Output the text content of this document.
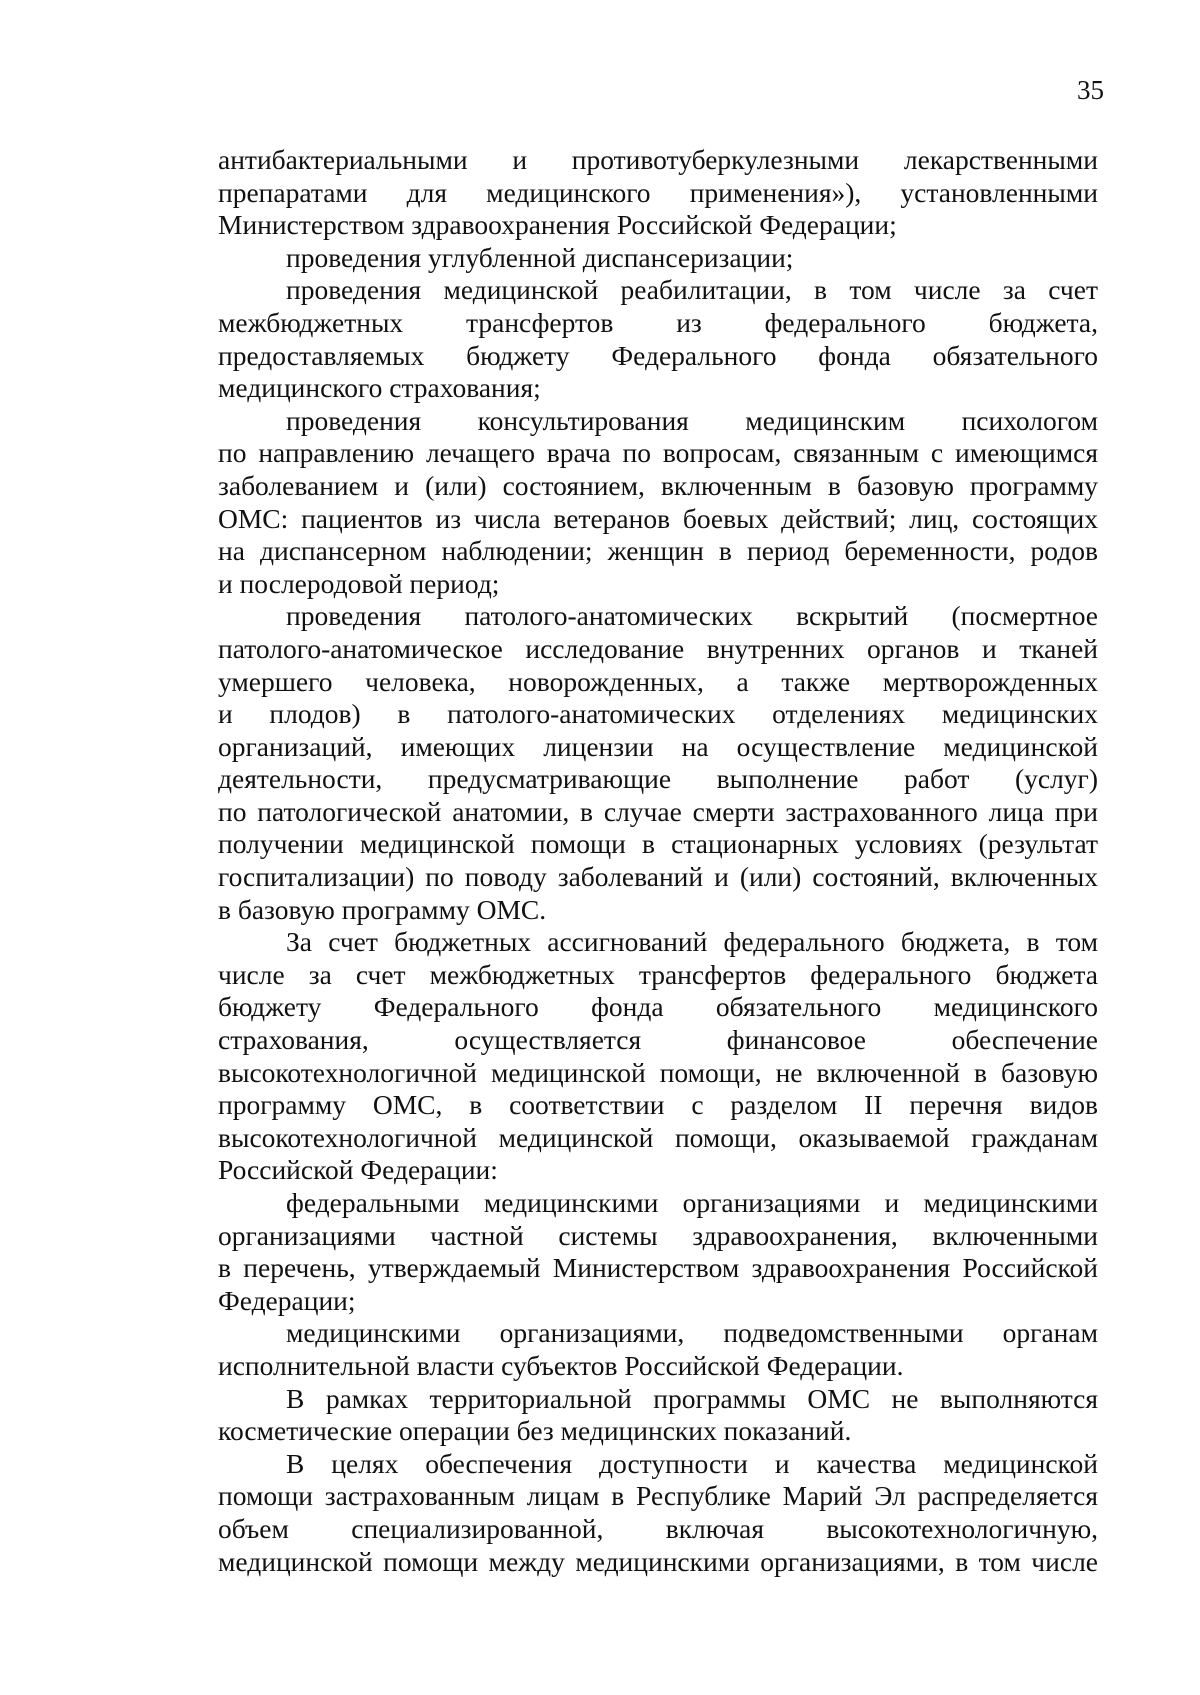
35
антибактериальными и противотуберкулезными лекарственными
препаратами для медицинского применения»), установленными
Министерством здравоохранения Российской Федерации;
проведения углубленной диспансеризации;
проведения медицинской реабилитации, в том числе за счет
межбюджетных трансфертов из федерального бюджета,
предоставляемых бюджету Федерального фонда обязательного
медицинского страхования;
проведения консультирования медицинским психологом
по направлению лечащего врача по вопросам, связанным с имеющимся
заболеванием и (или) состоянием, включенным в базовую программу
ОМС: пациентов из числа ветеранов боевых действий; лиц, состоящих
на диспансерном наблюдении; женщин в период беременности, родов
и послеродовой период;
проведения патолого-анатомических вскрытий (посмертное
патолого-анатомическое исследование внутренних органов и тканей
умершего человека, новорожденных, а также мертворожденных
и плодов) в патолого-анатомических отделениях медицинских
организаций, имеющих лицензии на осуществление медицинской
деятельности, предусматривающие выполнение работ (услуг)
по патологической анатомии, в случае смерти застрахованного лица при
получении медицинской помощи в стационарных условиях (результат
госпитализации) по поводу заболеваний и (или) состояний, включенных
в базовую программу ОМС.
За счет бюджетных ассигнований федерального бюджета, в том
числе за счет межбюджетных трансфертов федерального бюджета
бюджету Федерального фонда обязательного медицинского
страхования, осуществляется финансовое обеспечение
высокотехнологичной медицинской помощи, не включенной в базовую
программу ОМС, в соответствии с разделом II перечня видов
высокотехнологичной медицинской помощи, оказываемой гражданам
Российской Федерации:
федеральными медицинскими организациями и медицинскими
организациями частной системы здравоохранения, включенными
в перечень, утверждаемый Министерством здравоохранения Российской
Федерации;
медицинскими организациями, подведомственными органам
исполнительной власти субъектов Российской Федерации.
В рамках территориальной программы ОМС не выполняются
косметические операции без медицинских показаний.
В целях обеспечения доступности и качества медицинской
помощи застрахованным лицам в Республике Марий Эл распределяется
объем специализированной, включая высокотехнологичную,
медицинской помощи между медицинскими организациями, в том числе
